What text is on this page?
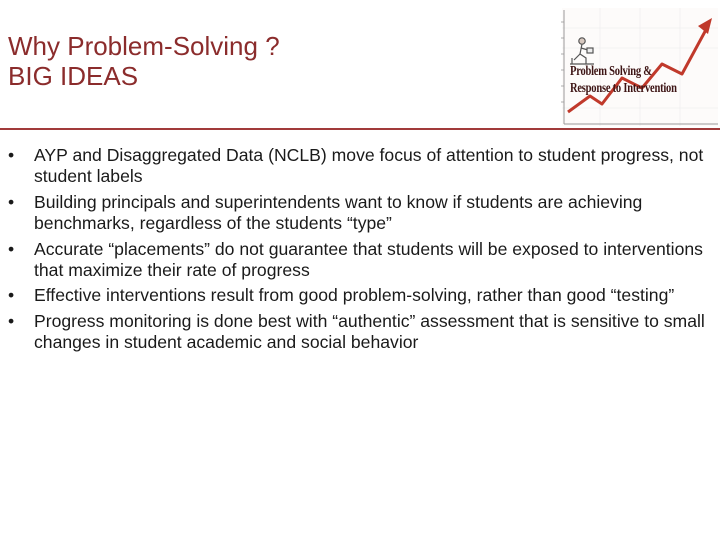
Why Problem-Solving ?
BIG IDEAS	Problem Solving &
Response to Intervention
•	AYP and Disaggregated Data (NCLB) move focus of attention to student progress, not student labels
•	Building principals and superintendents want to know if students are achieving benchmarks, regardless of the students “type”
•	Accurate “placements” do not guarantee that students will be exposed to interventions that maximize their rate of progress
•	Effective interventions result from good problem-solving, rather than good “testing”
•	Progress monitoring is done best with “authentic” assessment that is sensitive to small changes in student academic and social behavior
